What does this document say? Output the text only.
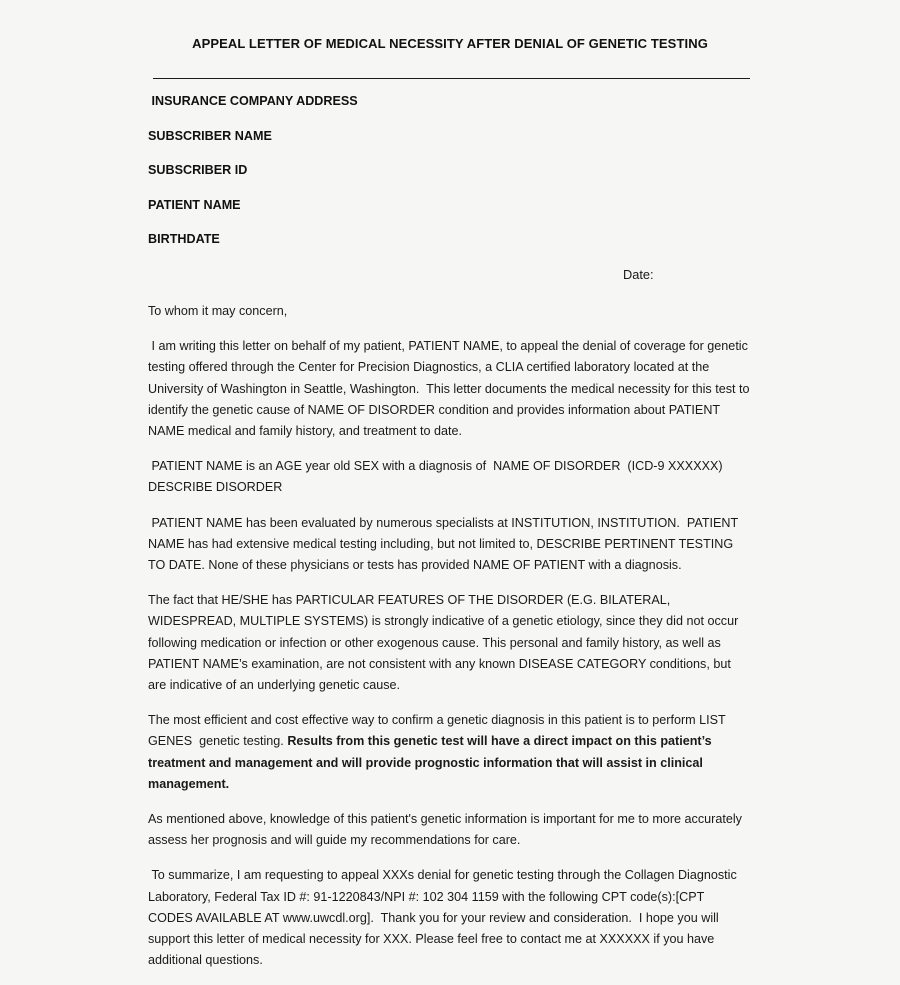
APPEAL LETTER OF MEDICAL NECESSITY AFTER DENIAL OF GENETIC TESTING
INSURANCE COMPANY ADDRESS
SUBSCRIBER NAME
SUBSCRIBER ID
PATIENT NAME
BIRTHDATE
Date:

To whom it may concern,

I am writing this letter on behalf of my patient, PATIENT NAME, to appeal the denial of coverage for genetic testing offered through the Center for Precision Diagnostics, a CLIA certified laboratory located at the University of Washington in Seattle, Washington.  This letter documents the medical necessity for this test to identify the genetic cause of NAME OF DISORDER condition and provides information about PATIENT NAME medical and family history, and treatment to date.

PATIENT NAME is an AGE year old SEX with a diagnosis of  NAME OF DISORDER  (ICD-9 XXXXXX) DESCRIBE DISORDER

PATIENT NAME has been evaluated by numerous specialists at INSTITUTION, INSTITUTION.  PATIENT NAME has had extensive medical testing including, but not limited to, DESCRIBE PERTINENT TESTING TO DATE. None of these physicians or tests has provided NAME OF PATIENT with a diagnosis.

The fact that HE/SHE has PARTICULAR FEATURES OF THE DISORDER (E.G. BILATERAL, WIDESPREAD, MULTIPLE SYSTEMS) is strongly indicative of a genetic etiology, since they did not occur following medication or infection or other exogenous cause. This personal and family history, as well as PATIENT NAME’s examination, are not consistent with any known DISEASE CATEGORY conditions, but are indicative of an underlying genetic cause.

The most efficient and cost effective way to confirm a genetic diagnosis in this patient is to perform LIST GENES  genetic testing. Results from this genetic test will have a direct impact on this patient’s treatment and management and will provide prognostic information that will assist in clinical management.

As mentioned above, knowledge of this patient's genetic information is important for me to more accurately assess her prognosis and will guide my recommendations for care.

To summarize, I am requesting to appeal XXXs denial for genetic testing through the Collagen Diagnostic Laboratory, Federal Tax ID #: 91-1220843/NPI #: 102 304 1159 with the following CPT code(s):[CPT CODES AVAILABLE AT www.uwcdl.org].  Thank you for your review and consideration.  I hope you will support this letter of medical necessity for XXX. Please feel free to contact me at XXXXXX if you have additional questions.
